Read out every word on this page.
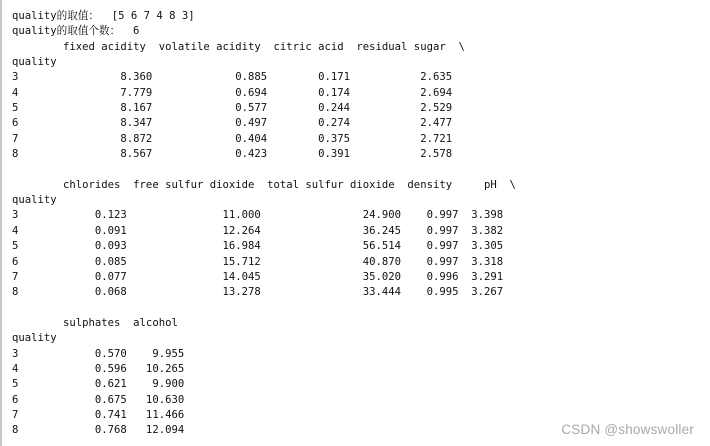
quality的取值：  [5 6 7 4 8 3]
quality的取值个数：  6
fixed acidity  volatile acidity  citric acid  residual sugar  \
quality
3                8.360             0.885        0.171           2.635
4                7.779             0.694        0.174           2.694
5                8.167             0.577        0.244           2.529
6                8.347             0.497        0.274           2.477
7                8.872             0.404        0.375           2.721
8                8.567             0.423        0.391           2.578
chlorides  free sulfur dioxide  total sulfur dioxide  density     pH  \
quality
3            0.123               11.000                24.900    0.997  3.398
4            0.091               12.264                36.245    0.997  3.382
5            0.093               16.984                56.514    0.997  3.305
6            0.085               15.712                40.870    0.997  3.318
7            0.077               14.045                35.020    0.996  3.291
8            0.068               13.278                33.444    0.995  3.267
sulphates  alcohol
quality
3            0.570    9.955
4            0.596   10.265
5            0.621    9.900
6            0.675   10.630
7            0.741   11.466
8            0.768   12.094	CSDN @showswoller
